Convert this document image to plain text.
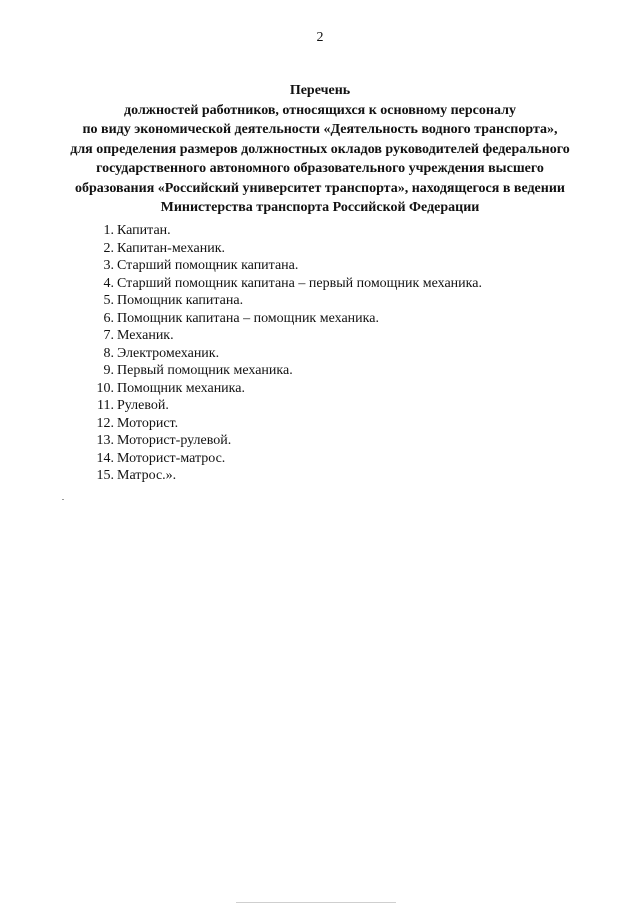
2
Перечень
должностей работников, относящихся к основному персоналу
по виду экономической деятельности «Деятельность водного транспорта»,
для определения размеров должностных окладов руководителей федерального
государственного автономного образовательного учреждения высшего
образования «Российский университет транспорта», находящегося в ведении
Министерства транспорта Российской Федерации
1. Капитан.
2. Капитан-механик.
3. Старший помощник капитана.
4. Старший помощник капитана – первый помощник механика.
5. Помощник капитана.
6. Помощник капитана – помощник механика.
7. Механик.
8. Электромеханик.
9. Первый помощник механика.
10. Помощник механика.
11. Рулевой.
12. Моторист.
13. Моторист-рулевой.
14. Моторист-матрос.
15. Матрос.».
